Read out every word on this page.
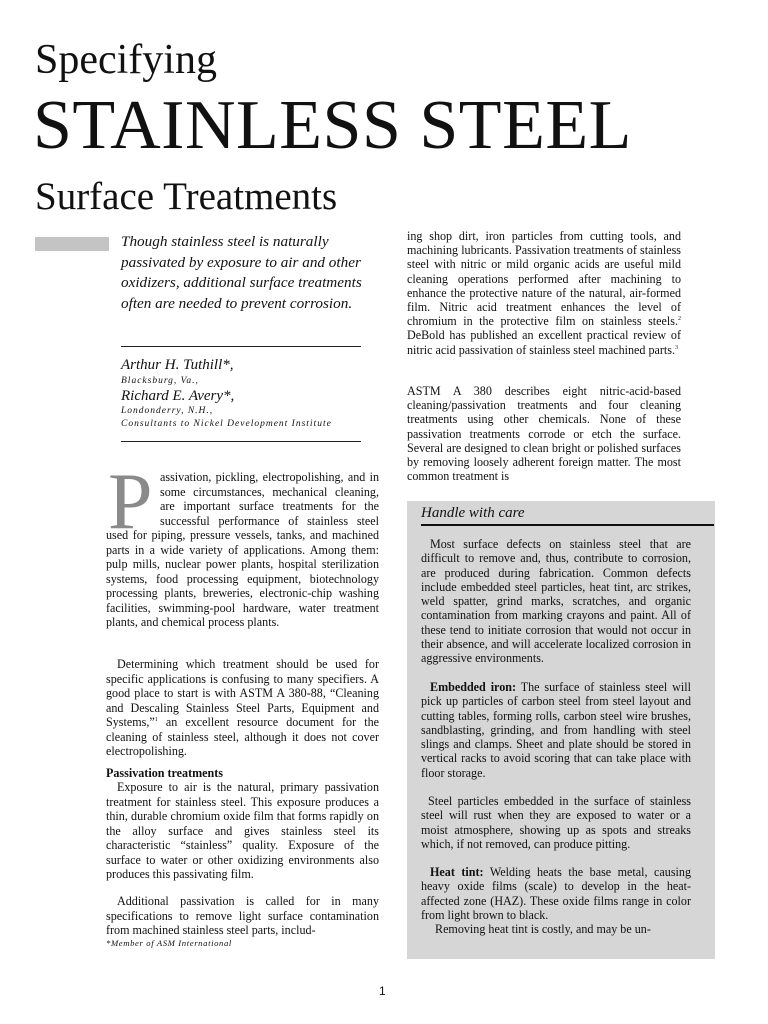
Specifying
STAINLESS STEEL
Surface Treatments
Though stainless steel is naturally passivated by exposure to air and other oxidizers, additional surface treatments often are needed to prevent corrosion.
Arthur H. Tuthill*,
Blacksburg, Va.,
Richard E. Avery*,
Londonderry, N.H.,
Consultants to Nickel Development Institute
P assivation, pickling, electropolishing, and in some circumstances, mechanical cleaning, are important surface treatments for the successful performance of stainless steel used for piping, pressure vessels, tanks, and machined parts in a wide variety of applications. Among them: pulp mills, nuclear power plants, hospital sterilization systems, food processing equipment, biotechnology processing plants, breweries, electronic-chip washing facilities, swimming-pool hardware, water treatment plants, and chemical process plants.
Determining which treatment should be used for specific applications is confusing to many specifiers. A good place to start is with ASTM A 380-88, “Cleaning and Descaling Stainless Steel Parts, Equipment and Systems,”$^1$ an excellent resource document for the cleaning of stainless steel, although it does not cover electropolishing.
Passivation treatments
Exposure to air is the natural, primary passivation treatment for stainless steel. This exposure produces a thin, durable chromium oxide film that forms rapidly on the alloy surface and gives stainless steel its characteristic “stainless” quality. Exposure of the surface to water or other oxidizing environments also produces this passivating film.
Additional passivation is called for in many specifications to remove light surface contamination from machined stainless steel parts, includ-
*Member of ASM International
ing shop dirt, iron particles from cutting tools, and machining lubricants. Passivation treatments of stainless steel with nitric or mild organic acids are useful mild cleaning operations performed after machining to enhance the protective nature of the natural, air-formed film. Nitric acid treatment enhances the level of chromium in the protective film on stainless steels.$^2$ DeBold has published an excellent practical review of nitric acid passivation of stainless steel machined parts.$^3$
ASTM A 380 describes eight nitric-acid-based cleaning/passivation treatments and four cleaning treatments using other chemicals. None of these passivation treatments corrode or etch the surface. Several are designed to clean bright or polished surfaces by removing loosely adherent foreign matter. The most common treatment is
Handle with care
Most surface defects on stainless steel that are difficult to remove and, thus, contribute to corrosion, are produced during fabrication. Common defects include embedded steel particles, heat tint, arc strikes, weld spatter, grind marks, scratches, and organic contamination from marking crayons and paint. All of these tend to initiate corrosion that would not occur in their absence, and will accelerate localized corrosion in aggressive environments.
Embedded iron: The surface of stainless steel will pick up particles of carbon steel from steel layout and cutting tables, forming rolls, carbon steel wire brushes, sandblasting, grinding, and from handling with steel slings and clamps. Sheet and plate should be stored in vertical racks to avoid scoring that can take place with floor storage.
Steel particles embedded in the surface of stainless steel will rust when they are exposed to water or a moist atmosphere, showing up as spots and streaks which, if not removed, can produce pitting.
Heat tint: Welding heats the base metal, causing heavy oxide films (scale) to develop in the heat-affected zone (HAZ). These oxide films range in color from light brown to black.
Removing heat tint is costly, and may be un-
1
